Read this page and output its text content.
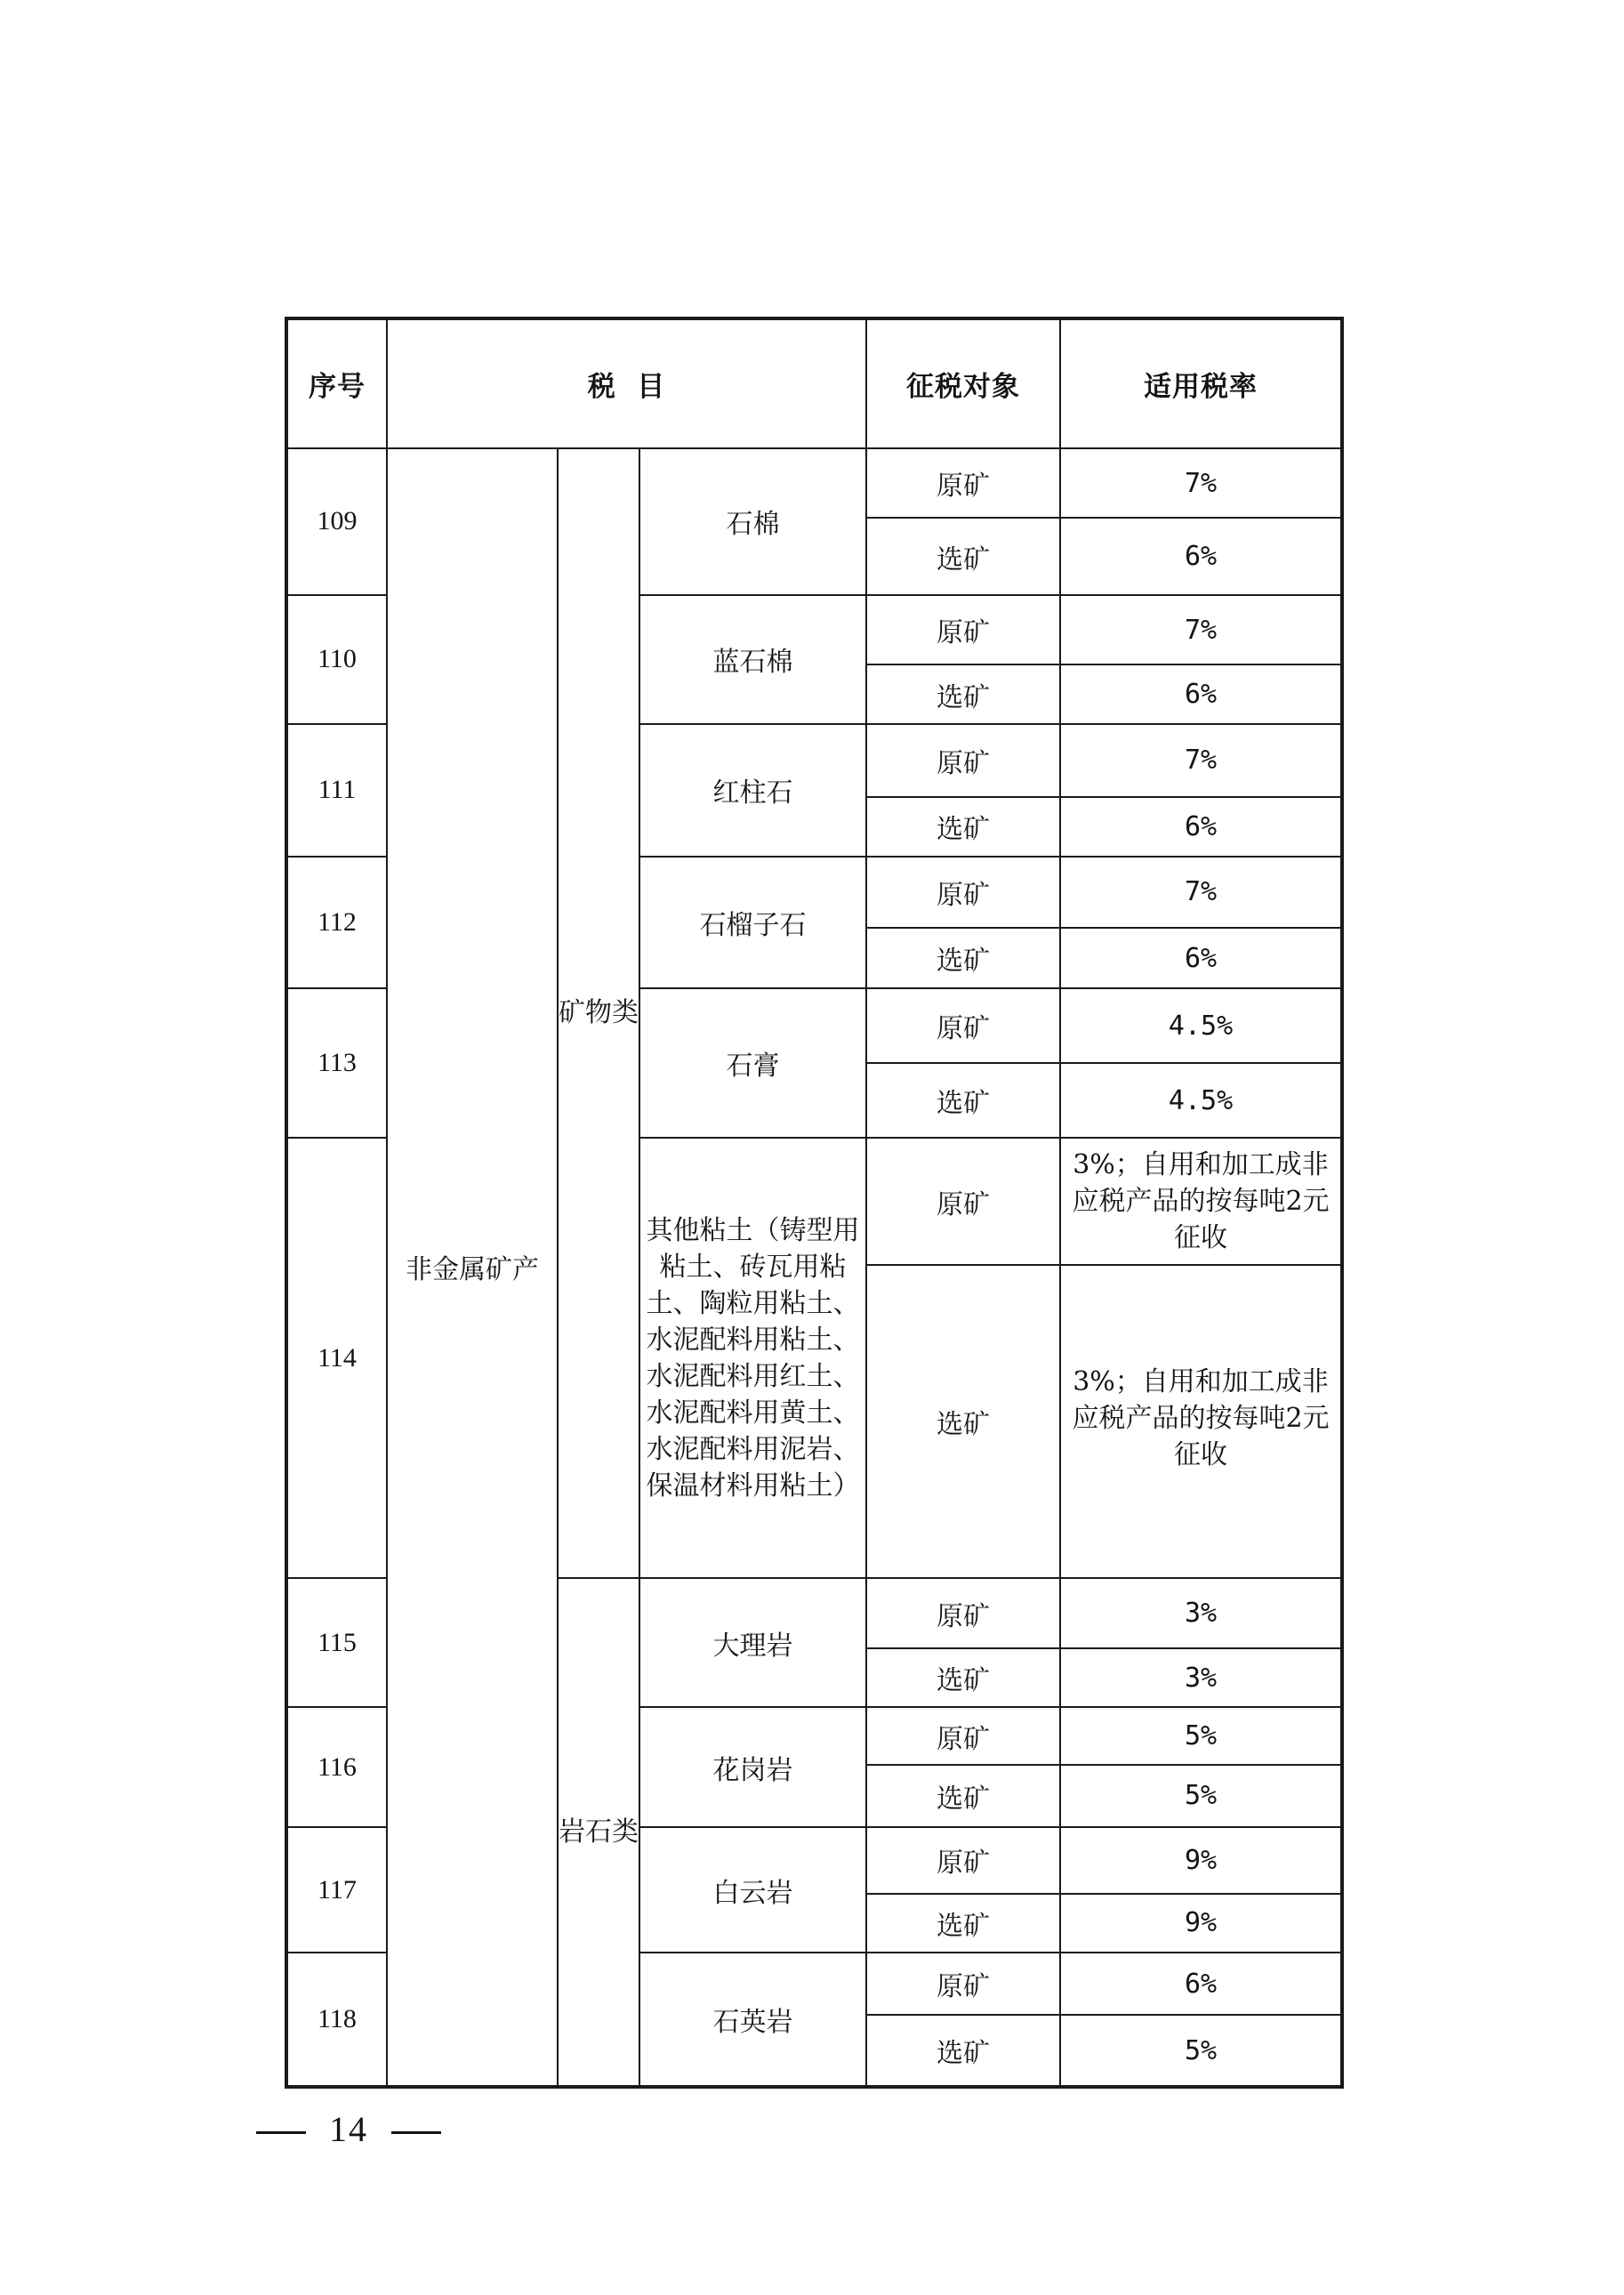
序号	税  目			征税对象	适用税率
109	非金属矿产	矿物类	石棉	原矿	7%
				选矿	6%
110			蓝石棉	原矿	7%
				选矿	6%
111			红柱石	原矿	7%
				选矿	6%
112			石榴子石	原矿	7%
				选矿	6%
113			石膏	原矿	4.5%
				选矿	4.5%
114			其他粘土（铸型用粘土、砖瓦用粘土、陶粒用粘土、水泥配料用粘土、水泥配料用红土、水泥配料用黄土、水泥配料用泥岩、保温材料用粘土）	原矿	3%；自用和加工成非应税产品的按每吨2元征收
				选矿	3%；自用和加工成非应税产品的按每吨2元征收
115		岩石类	大理岩	原矿	3%
				选矿	3%
116			花岗岩	原矿	5%
				选矿	5%
117			白云岩	原矿	9%
				选矿	9%
118			石英岩	原矿	6%
				选矿	5%
14
